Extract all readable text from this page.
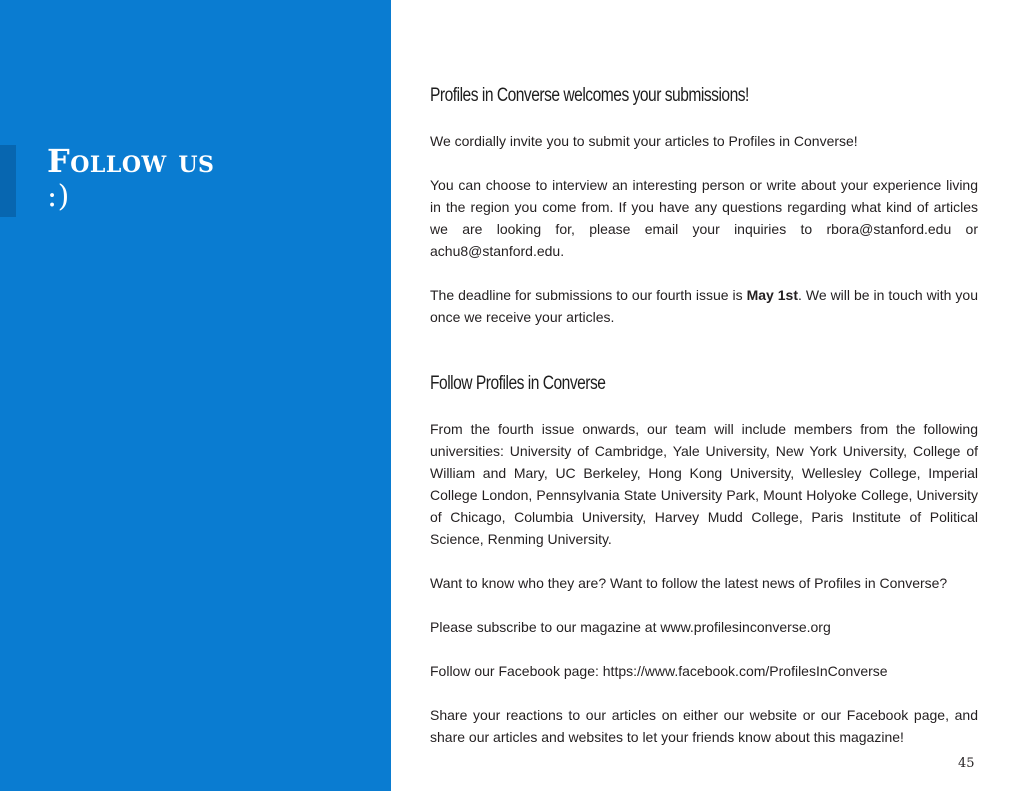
Follow us
:)
Profiles in Converse welcomes your submissions!

We cordially invite you to submit your articles to Profiles in Converse!

You can choose to interview an interesting person or write about your experience living in the region you come from. If you have any questions regarding what kind of articles we are looking for, please email your inquiries to rbora@stanford.edu or achu8@stanford.edu.

The deadline for submissions to our fourth issue is May 1st. We will be in touch with you once we receive your articles.

Follow Profiles in Converse

From the fourth issue onwards, our team will include members from the following universities: University of Cambridge, Yale University, New York University, College of William and Mary, UC Berkeley, Hong Kong University, Wellesley College, Imperial College London, Pennsylvania State University Park, Mount Holyoke College, University of Chicago, Columbia University, Harvey Mudd College, Paris Institute of Political Science, Renming University.

Want to know who they are? Want to follow the latest news of Profiles in Converse?

Please subscribe to our magazine at www.profilesinconverse.org

Follow our Facebook page: https://www.facebook.com/ProfilesInConverse

Share your reactions to our articles on either our website or our Facebook page, and share our articles and websites to let your friends know about this magazine!

45
